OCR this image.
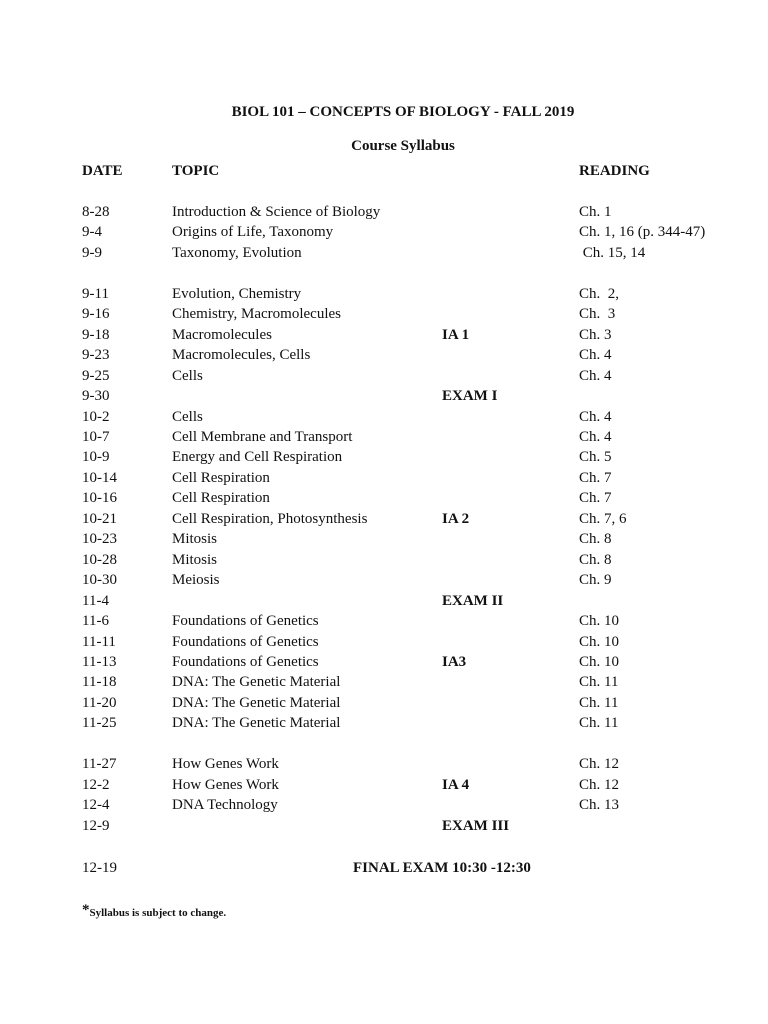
BIOL 101 – CONCEPTS OF BIOLOGY - FALL 2019
Course Syllabus
DATE	TOPIC	READING
8-28	Introduction & Science of Biology	Ch. 1
9-4	Origins of Life, Taxonomy	Ch. 1, 16 (p. 344-47)
9-9	Taxonomy, Evolution	Ch. 15, 14
9-11	Evolution, Chemistry	Ch.  2,
9-16	Chemistry, Macromolecules	Ch.  3
9-18	Macromolecules	IA 1	Ch. 3
9-23	Macromolecules, Cells	Ch. 4
9-25	Cells	Ch. 4
9-30	EXAM I
10-2	Cells	Ch. 4
10-7	Cell Membrane and Transport	Ch. 4
10-9	Energy and Cell Respiration	Ch. 5
10-14	Cell Respiration	Ch. 7
10-16	Cell Respiration	Ch. 7
10-21	Cell Respiration, Photosynthesis	IA 2	Ch. 7, 6
10-23	Mitosis	Ch. 8
10-28	Mitosis	Ch. 8
10-30	Meiosis	Ch. 9
11-4	EXAM II
11-6	Foundations of Genetics	Ch. 10
11-11	Foundations of Genetics	Ch. 10
11-13	Foundations of Genetics	IA3	Ch. 10
11-18	DNA: The Genetic Material	Ch. 11
11-20	DNA: The Genetic Material	Ch. 11
11-25	DNA: The Genetic Material	Ch. 11
11-27	How Genes Work	Ch. 12
12-2	How Genes Work	IA 4	Ch. 12
12-4	DNA Technology	Ch. 13
12-9	EXAM III
12-19	FINAL EXAM 10:30 -12:30
*Syllabus is subject to change.
